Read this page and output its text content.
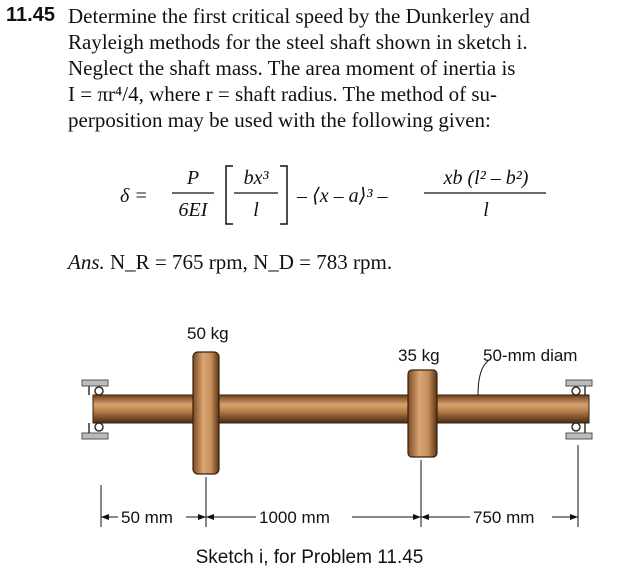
11.45 Determine the first critical speed by the Dunkerley and
Rayleigh methods for the steel shaft shown in sketch i.
Neglect the shaft mass. The area moment of inertia is
I = πr⁴/4, where r = shaft radius. The method of su-
perposition may be used with the following given:
δ =
P
6EI
bx³
l
– ⟨x – a⟩³ –
xb (l² – b²)
l
Ans. N_R = 765 rpm, N_D = 783 rpm.
50 kg
35 kg	50-mm diam
50 mm	1000 mm	750 mm
Sketch i, for Problem 11.45
